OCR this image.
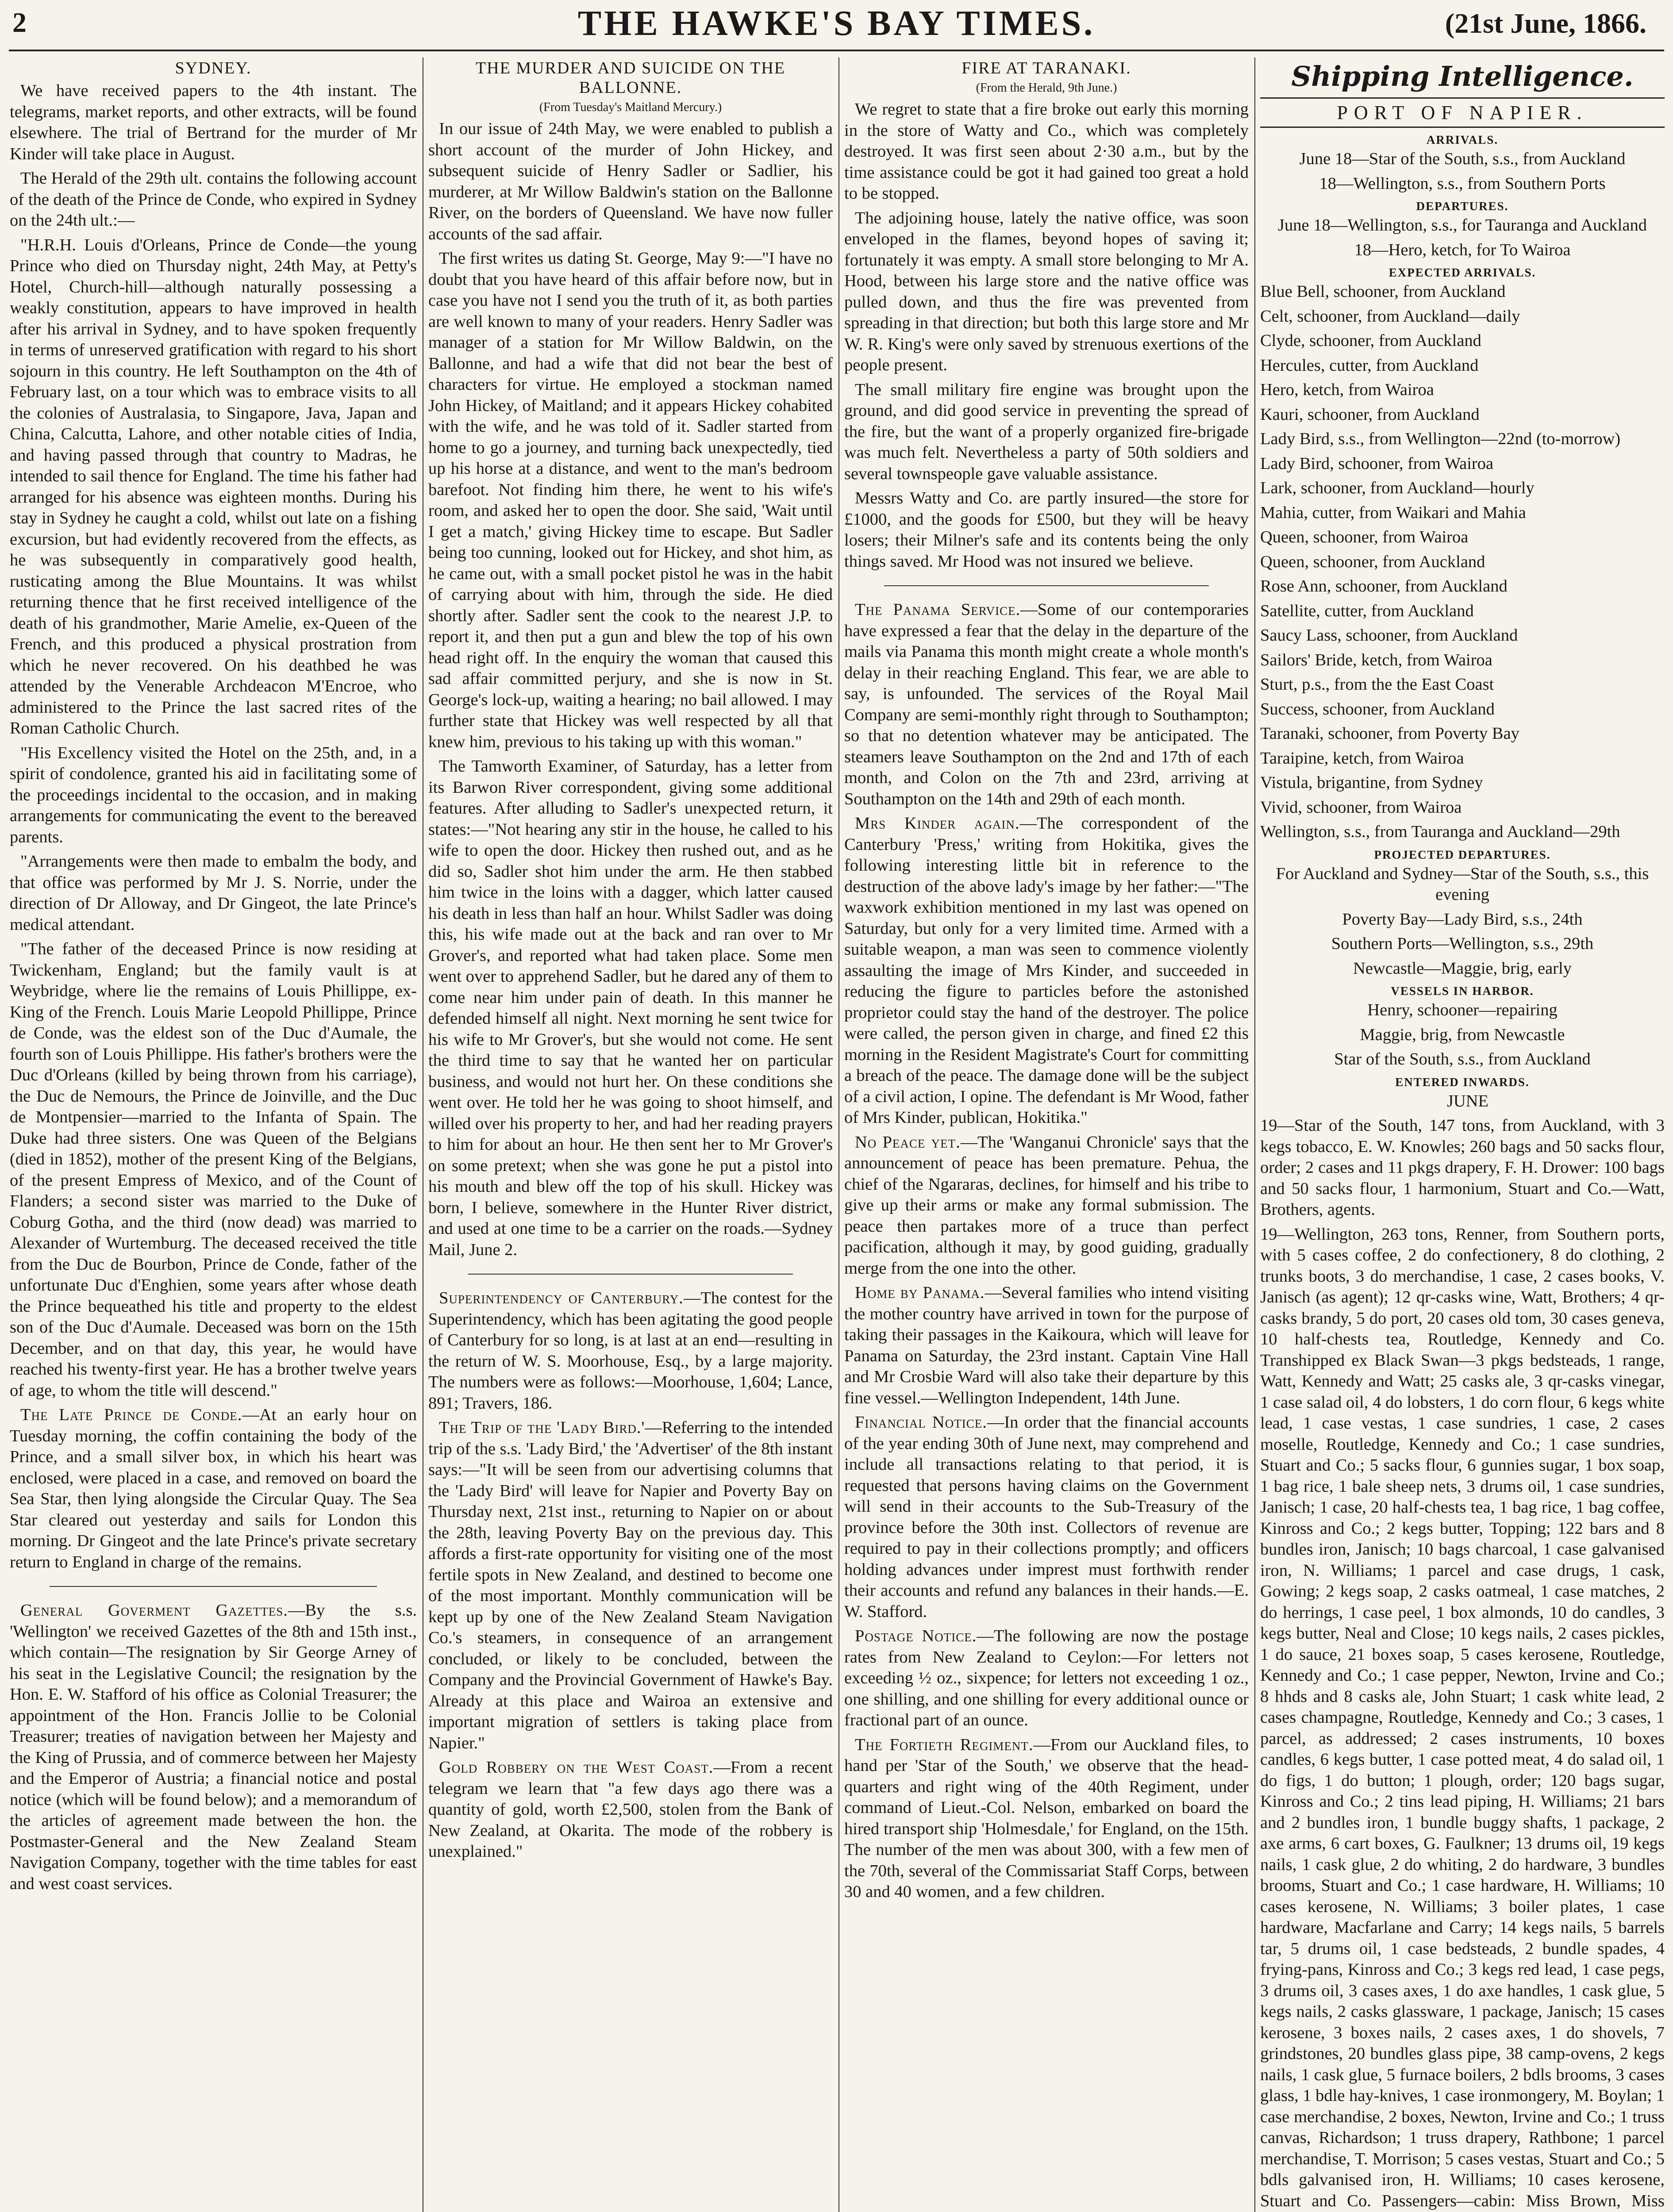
2	THE HAWKE'S BAY TIMES.	(21st June, 1866.
SYDNEY.

We have received papers to the 4th instant. The telegrams, market reports, and other extracts, will be found elsewhere. The trial of Bertrand for the murder of Mr Kinder will take place in August.

The Herald of the 29th ult. contains the following account of the death of the Prince de Conde, who expired in Sydney on the 24th ult.:—

"H.R.H. Louis d'Orleans, Prince de Conde—the young Prince who died on Thursday night, 24th May, at Petty's Hotel, Church-hill—although naturally possessing a weakly constitution, appears to have improved in health after his arrival in Sydney, and to have spoken frequently in terms of unreserved gratification with regard to his short sojourn in this country. He left Southampton on the 4th of February last, on a tour which was to embrace visits to all the colonies of Australasia, to Singapore, Java, Japan and China, Calcutta, Lahore, and other notable cities of India, and having passed through that country to Madras, he intended to sail thence for England. The time his father had arranged for his absence was eighteen months. During his stay in Sydney he caught a cold, whilst out late on a fishing excursion, but had evidently recovered from the effects, as he was subsequently in comparatively good health, rusticating among the Blue Mountains. It was whilst returning thence that he first received intelligence of the death of his grandmother, Marie Amelie, ex-Queen of the French, and this produced a physical prostration from which he never recovered. On his deathbed he was attended by the Venerable Archdeacon M'Encroe, who administered to the Prince the last sacred rites of the Roman Catholic Church.

"His Excellency visited the Hotel on the 25th, and, in a spirit of condolence, granted his aid in facilitating some of the proceedings incidental to the occasion, and in making arrangements for communicating the event to the bereaved parents.

"Arrangements were then made to embalm the body, and that office was performed by Mr J. S. Norrie, under the direction of Dr Alloway, and Dr Gingeot, the late Prince's medical attendant.

"The father of the deceased Prince is now residing at Twickenham, England; but the family vault is at Weybridge, where lie the remains of Louis Phillippe, ex-King of the French. Louis Marie Leopold Phillippe, Prince de Conde, was the eldest son of the Duc d'Aumale, the fourth son of Louis Phillippe. His father's brothers were the Duc d'Orleans (killed by being thrown from his carriage), the Duc de Nemours, the Prince de Joinville, and the Duc de Montpensier—married to the Infanta of Spain. The Duke had three sisters. One was Queen of the Belgians (died in 1852), mother of the present King of the Belgians, of the present Empress of Mexico, and of the Count of Flanders; a second sister was married to the Duke of Coburg Gotha, and the third (now dead) was married to Alexander of Wurtemburg. The deceased received the title from the Duc de Bourbon, Prince de Conde, father of the unfortunate Duc d'Enghien, some years after whose death the Prince bequeathed his title and property to the eldest son of the Duc d'Aumale. Deceased was born on the 15th December, and on that day, this year, he would have reached his twenty-first year. He has a brother twelve years of age, to whom the title will descend."

The Late Prince de Conde.—At an early hour on Tuesday morning, the coffin containing the body of the Prince, and a small silver box, in which his heart was enclosed, were placed in a case, and removed on board the Sea Star, then lying alongside the Circular Quay. The Sea Star cleared out yesterday and sails for London this morning. Dr Gingeot and the late Prince's private secretary return to England in charge of the remains.

General Goverment Gazettes.—By the s.s. 'Wellington' we received Gazettes of the 8th and 15th inst., which contain—The resignation by Sir George Arney of his seat in the Legislative Council; the resignation by the Hon. E. W. Stafford of his office as Colonial Treasurer; the appointment of the Hon. Francis Jollie to be Colonial Treasurer; treaties of navigation between her Majesty and the King of Prussia, and of commerce between her Majesty and the Emperor of Austria; a financial notice and postal notice (which will be found below); and a memorandum of the articles of agreement made between the hon. the Postmaster-General and the New Zealand Steam Navigation Company, together with the time tables for east and west coast services.

THE MURDER AND SUICIDE ON THE BALLONNE.
(From Tuesday's Maitland Mercury.)

In our issue of 24th May, we were enabled to publish a short account of the murder of John Hickey, and subsequent suicide of Henry Sadler or Sadlier, his murderer, at Mr Willow Baldwin's station on the Ballonne River, on the borders of Queensland. We have now fuller accounts of the sad affair.

The first writes us dating St. George, May 9:—"I have no doubt that you have heard of this affair before now, but in case you have not I send you the truth of it, as both parties are well known to many of your readers. Henry Sadler was manager of a station for Mr Willow Baldwin, on the Ballonne, and had a wife that did not bear the best of characters for virtue. He employed a stockman named John Hickey, of Maitland; and it appears Hickey cohabited with the wife, and he was told of it. Sadler started from home to go a journey, and turning back unexpectedly, tied up his horse at a distance, and went to the man's bedroom barefoot. Not finding him there, he went to his wife's room, and asked her to open the door. She said, 'Wait until I get a match,' giving Hickey time to escape. But Sadler being too cunning, looked out for Hickey, and shot him, as he came out, with a small pocket pistol he was in the habit of carrying about with him, through the side. He died shortly after. Sadler sent the cook to the nearest J.P. to report it, and then put a gun and blew the top of his own head right off. In the enquiry the woman that caused this sad affair committed perjury, and she is now in St. George's lock-up, waiting a hearing; no bail allowed. I may further state that Hickey was well respected by all that knew him, previous to his taking up with this woman."

The Tamworth Examiner, of Saturday, has a letter from its Barwon River correspondent, giving some additional features. After alluding to Sadler's unexpected return, it states:—"Not hearing any stir in the house, he called to his wife to open the door. Hickey then rushed out, and as he did so, Sadler shot him under the arm. He then stabbed him twice in the loins with a dagger, which latter caused his death in less than half an hour. Whilst Sadler was doing this, his wife made out at the back and ran over to Mr Grover's, and reported what had taken place. Some men went over to apprehend Sadler, but he dared any of them to come near him under pain of death. In this manner he defended himself all night. Next morning he sent twice for his wife to Mr Grover's, but she would not come. He sent the third time to say that he wanted her on particular business, and would not hurt her. On these conditions she went over. He told her he was going to shoot himself, and willed over his property to her, and had her reading prayers to him for about an hour. He then sent her to Mr Grover's on some pretext; when she was gone he put a pistol into his mouth and blew off the top of his skull. Hickey was born, I believe, somewhere in the Hunter River district, and used at one time to be a carrier on the roads.—Sydney Mail, June 2.

Superintendency of Canterbury.—The contest for the Superintendency, which has been agitating the good people of Canterbury for so long, is at last at an end—resulting in the return of W. S. Moorhouse, Esq., by a large majority. The numbers were as follows:—Moorhouse, 1,604; Lance, 891; Travers, 186.

The Trip of the 'Lady Bird.'—Referring to the intended trip of the s.s. 'Lady Bird,' the 'Advertiser' of the 8th instant says:—"It will be seen from our advertising columns that the 'Lady Bird' will leave for Napier and Poverty Bay on Thursday next, 21st inst., returning to Napier on or about the 28th, leaving Poverty Bay on the previous day. This affords a first-rate opportunity for visiting one of the most fertile spots in New Zealand, and destined to become one of the most important. Monthly communication will be kept up by one of the New Zealand Steam Navigation Co.'s steamers, in consequence of an arrangement concluded, or likely to be concluded, between the Company and the Provincial Government of Hawke's Bay. Already at this place and Wairoa an extensive and important migration of settlers is taking place from Napier."

Gold Robbery on the West Coast.—From a recent telegram we learn that "a few days ago there was a quantity of gold, worth £2,500, stolen from the Bank of New Zealand, at Okarita. The mode of the robbery is unexplained."

FIRE AT TARANAKI.
(From the Herald, 9th June.)

We regret to state that a fire broke out early this morning in the store of Watty and Co., which was completely destroyed. It was first seen about 2·30 a.m., but by the time assistance could be got it had gained too great a hold to be stopped.

The adjoining house, lately the native office, was soon enveloped in the flames, beyond hopes of saving it; fortunately it was empty. A small store belonging to Mr A. Hood, between his large store and the native office was pulled down, and thus the fire was prevented from spreading in that direction; but both this large store and Mr W. R. King's were only saved by strenuous exertions of the people present.

The small military fire engine was brought upon the ground, and did good service in preventing the spread of the fire, but the want of a properly organized fire-brigade was much felt. Nevertheless a party of 50th soldiers and several townspeople gave valuable assistance.

Messrs Watty and Co. are partly insured—the store for £1000, and the goods for £500, but they will be heavy losers; their Milner's safe and its contents being the only things saved. Mr Hood was not insured we believe.

The Panama Service.—Some of our contemporaries have expressed a fear that the delay in the departure of the mails via Panama this month might create a whole month's delay in their reaching England. This fear, we are able to say, is unfounded. The services of the Royal Mail Company are semi-monthly right through to Southampton; so that no detention whatever may be anticipated. The steamers leave Southampton on the 2nd and 17th of each month, and Colon on the 7th and 23rd, arriving at Southampton on the 14th and 29th of each month.

Mrs Kinder again.—The correspondent of the Canterbury 'Press,' writing from Hokitika, gives the following interesting little bit in reference to the destruction of the above lady's image by her father:—"The waxwork exhibition mentioned in my last was opened on Saturday, but only for a very limited time. Armed with a suitable weapon, a man was seen to commence violently assaulting the image of Mrs Kinder, and succeeded in reducing the figure to particles before the astonished proprietor could stay the hand of the destroyer. The police were called, the person given in charge, and fined £2 this morning in the Resident Magistrate's Court for committing a breach of the peace. The damage done will be the subject of a civil action, I opine. The defendant is Mr Wood, father of Mrs Kinder, publican, Hokitika."

No Peace yet.—The 'Wanganui Chronicle' says that the announcement of peace has been premature. Pehua, the chief of the Ngararas, declines, for himself and his tribe to give up their arms or make any formal submission. The peace then partakes more of a truce than perfect pacification, although it may, by good guiding, gradually merge from the one into the other.

Home by Panama.—Several families who intend visiting the mother country have arrived in town for the purpose of taking their passages in the Kaikoura, which will leave for Panama on Saturday, the 23rd instant. Captain Vine Hall and Mr Crosbie Ward will also take their departure by this fine vessel.—Wellington Independent, 14th June.

Financial Notice.—In order that the financial accounts of the year ending 30th of June next, may comprehend and include all transactions relating to that period, it is requested that persons having claims on the Government will send in their accounts to the Sub-Treasury of the province before the 30th inst. Collectors of revenue are required to pay in their collections promptly; and officers holding advances under imprest must forthwith render their accounts and refund any balances in their hands.—E. W. Stafford.

Postage Notice.—The following are now the postage rates from New Zealand to Ceylon:—For letters not exceeding ½ oz., sixpence; for letters not exceeding 1 oz., one shilling, and one shilling for every additional ounce or fractional part of an ounce.

The Fortieth Regiment.—From our Auckland files, to hand per 'Star of the South,' we observe that the head-quarters and right wing of the 40th Regiment, under command of Lieut.-Col. Nelson, embarked on board the hired transport ship 'Holmesdale,' for England, on the 15th. The number of the men was about 300, with a few men of the 70th, several of the Commissariat Staff Corps, between 30 and 40 women, and a few children.

Shipping Intelligence.
PORT OF NAPIER.
ARRIVALS.

June 18—Star of the South, s.s., from Auckland

18—Wellington, s.s., from Southern Ports

DEPARTURES.

June 18—Wellington, s.s., for Tauranga and Auckland

18—Hero, ketch, for To Wairoa

EXPECTED ARRIVALS.

Blue Bell, schooner, from Auckland

Celt, schooner, from Auckland—daily

Clyde, schooner, from Auckland

Hercules, cutter, from Auckland

Hero, ketch, from Wairoa

Kauri, schooner, from Auckland

Lady Bird, s.s., from Wellington—22nd (to-morrow)

Lady Bird, schooner, from Wairoa

Lark, schooner, from Auckland—hourly

Mahia, cutter, from Waikari and Mahia

Queen, schooner, from Wairoa

Queen, schooner, from Auckland

Rose Ann, schooner, from Auckland

Satellite, cutter, from Auckland

Saucy Lass, schooner, from Auckland

Sailors' Bride, ketch, from Wairoa

Sturt, p.s., from the the East Coast

Success, schooner, from Auckland

Taranaki, schooner, from Poverty Bay

Taraipine, ketch, from Wairoa

Vistula, brigantine, from Sydney

Vivid, schooner, from Wairoa

Wellington, s.s., from Tauranga and Auckland—29th

PROJECTED DEPARTURES.

For Auckland and Sydney—Star of the South, s.s., this evening

Poverty Bay—Lady Bird, s.s., 24th

Southern Ports—Wellington, s.s., 29th

Newcastle—Maggie, brig, early

VESSELS IN HARBOR.

Henry, schooner—repairing

Maggie, brig, from Newcastle

Star of the South, s.s., from Auckland

ENTERED INWARDS.

JUNE

19—Star of the South, 147 tons, from Auckland, with 3 kegs tobacco, E. W. Knowles; 260 bags and 50 sacks flour, order; 2 cases and 11 pkgs drapery, F. H. Drower: 100 bags and 50 sacks flour, 1 harmonium, Stuart and Co.—Watt, Brothers, agents.

19—Wellington, 263 tons, Renner, from Southern ports, with 5 cases coffee, 2 do confectionery, 8 do clothing, 2 trunks boots, 3 do merchandise, 1 case, 2 cases books, V. Janisch (as agent); 12 qr-casks wine, Watt, Brothers; 4 qr-casks brandy, 5 do port, 20 cases old tom, 30 cases geneva, 10 half-chests tea, Routledge, Kennedy and Co. Transhipped ex Black Swan—3 pkgs bedsteads, 1 range, Watt, Kennedy and Watt; 25 casks ale, 3 qr-casks vinegar, 1 case salad oil, 4 do lobsters, 1 do corn flour, 6 kegs white lead, 1 case vestas, 1 case sundries, 1 case, 2 cases moselle, Routledge, Kennedy and Co.; 1 case sundries, Stuart and Co.; 5 sacks flour, 6 gunnies sugar, 1 box soap, 1 bag rice, 1 bale sheep nets, 3 drums oil, 1 case sundries, Janisch; 1 case, 20 half-chests tea, 1 bag rice, 1 bag coffee, Kinross and Co.; 2 kegs butter, Topping; 122 bars and 8 bundles iron, Janisch; 10 bags charcoal, 1 case galvanised iron, N. Williams; 1 parcel and case drugs, 1 cask, Gowing; 2 kegs soap, 2 casks oatmeal, 1 case matches, 2 do herrings, 1 case peel, 1 box almonds, 10 do candles, 3 kegs butter, Neal and Close; 10 kegs nails, 2 cases pickles, 1 do sauce, 21 boxes soap, 5 cases kerosene, Routledge, Kennedy and Co.; 1 case pepper, Newton, Irvine and Co.; 8 hhds and 8 casks ale, John Stuart; 1 cask white lead, 2 cases champagne, Routledge, Kennedy and Co.; 3 cases, 1 parcel, as addressed; 2 cases instruments, 10 boxes candles, 6 kegs butter, 1 case potted meat, 4 do salad oil, 1 do figs, 1 do button; 1 plough, order; 120 bags sugar, Kinross and Co.; 2 tins lead piping, H. Williams; 21 bars and 2 bundles iron, 1 bundle buggy shafts, 1 package, 2 axe arms, 6 cart boxes, G. Faulkner; 13 drums oil, 19 kegs nails, 1 cask glue, 2 do whiting, 2 do hardware, 3 bundles brooms, Stuart and Co.; 1 case hardware, H. Williams; 10 cases kerosene, N. Williams; 3 boiler plates, 1 case hardware, Macfarlane and Carry; 14 kegs nails, 5 barrels tar, 5 drums oil, 1 case bedsteads, 2 bundle spades, 4 frying-pans, Kinross and Co.; 3 kegs red lead, 1 case pegs, 3 drums oil, 3 cases axes, 1 do axe handles, 1 cask glue, 5 kegs nails, 2 casks glassware, 1 package, Janisch; 15 cases kerosene, 3 boxes nails, 2 cases axes, 1 do shovels, 7 grindstones, 20 bundles glass pipe, 38 camp-ovens, 2 kegs nails, 1 cask glue, 5 furnace boilers, 2 bdls brooms, 3 cases glass, 1 bdle hay-knives, 1 case ironmongery, M. Boylan; 1 case merchandise, 2 boxes, Newton, Irvine and Co.; 1 truss canvas, Richardson; 1 truss drapery, Rathbone; 1 parcel merchandise, T. Morrison; 5 cases vestas, Stuart and Co.; 5 bdls galvanised iron, H. Williams; 10 cases kerosene, Stuart and Co. Passengers—cabin: Miss Brown, Miss
